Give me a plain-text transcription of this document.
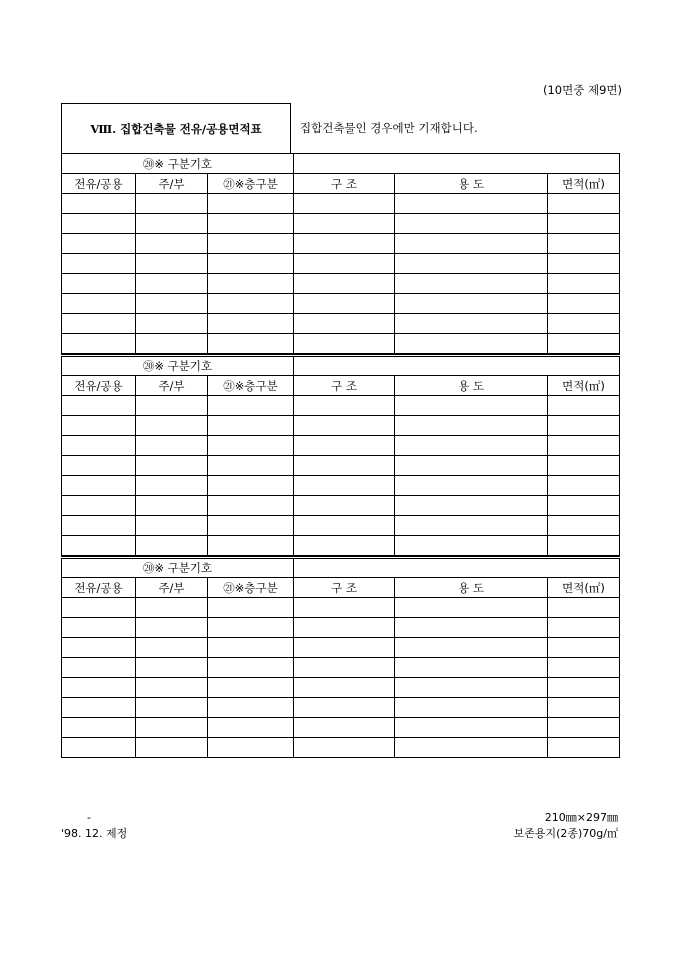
(10면중 제9면)
Ⅷ. 집합건축물 전유/공용면적표	집합건축물인 경우에만 기재합니다.
⑳※ 구분기호					
전유/공용	주/부	㉑※층구분	구 조	용 도	면적(㎡)

⑳※ 구분기호					
전유/공용	주/부	㉑※층구분	구 조	용 도	면적(㎡)

⑳※ 구분기호					
전유/공용	주/부	㉑※층구분	구 조	용 도	면적(㎡)

-
'98. 12. 제정
210㎜×297㎜
보존용지(2종)70g/㎡
